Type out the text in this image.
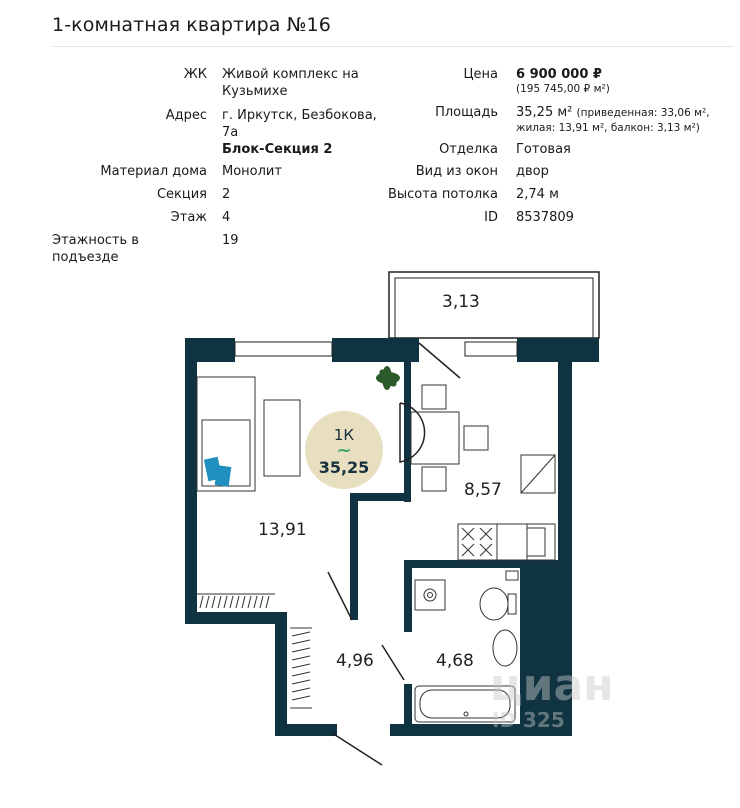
1-комнатная квартира №16
ЖК Живой комплекс на Кузьмихе
Адрес г. Иркутск, Безбокова, 7а
Блок-Секция 2
Материал дома Монолит
Секция 2
Этаж 4
Этажность в подъезде
19
Цена 6 900 000 ₽
(195 745,00 ₽ м²)
Площадь 35,25 м² (приведенная: 33,06 м²,
жилая: 13,91 м², балкон: 3,13 м²)
Отделка Готовая
Вид из окон двор
Высота потолка 2,74 м
ID 8537809
1К
~
35,25
3,13
13,91
8,57
4,96	4,68 циан
ID 325
